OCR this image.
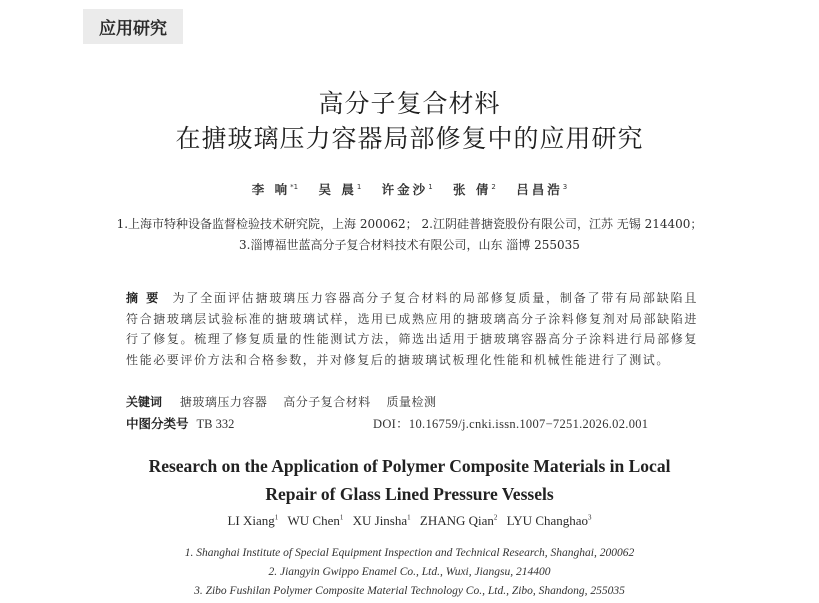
应用研究
高分子复合材料
在搪玻璃压力容器局部修复中的应用研究
李 响$^{*1}$ 吴 晨$^1$ 许金沙$^1$ 张 倩$^2$ 吕昌浩$^3$
1.上海市特种设备监督检验技术研究院，上海 200062； 2.江阴硅普搪瓷股份有限公司，江苏 无锡 214400；
3.淄博福世蓝高分子复合材料技术有限公司，山东 淄博 255035
摘要 为了全面评估搪玻璃压力容器高分子复合材料的局部修复质量，制备了带有局部缺陷且符合搪玻璃层试验标准的搪玻璃试样，选用已成熟应用的搪玻璃高分子涂料修复剂对局部缺陷进行了修复。梳理了修复质量的性能测试方法，筛选出适用于搪玻璃容器高分子涂料进行局部修复性能必要评价方法和合格参数，并对修复后的搪玻璃试板理化性能和机械性能进行了测试。
关键词 搪玻璃压力容器 高分子复合材料 质量检测
中图分类号 TB 332	DOI：10.16759/j.cnki.issn.1007−7251.2026.02.001
Research on the Application of Polymer Composite Materials in Local
Repair of Glass Lined Pressure Vessels
LI Xiang$^1$ WU Chen$^1$ XU Jinsha$^1$ ZHANG Qian$^2$ LYU Changhao$^3$
1. Shanghai Institute of Special Equipment Inspection and Technical Research, Shanghai, 200062
2. Jiangyin Gwippo Enamel Co., Ltd., Wuxi, Jiangsu, 214400
3. Zibo Fushilan Polymer Composite Material Technology Co., Ltd., Zibo, Shandong, 255035
